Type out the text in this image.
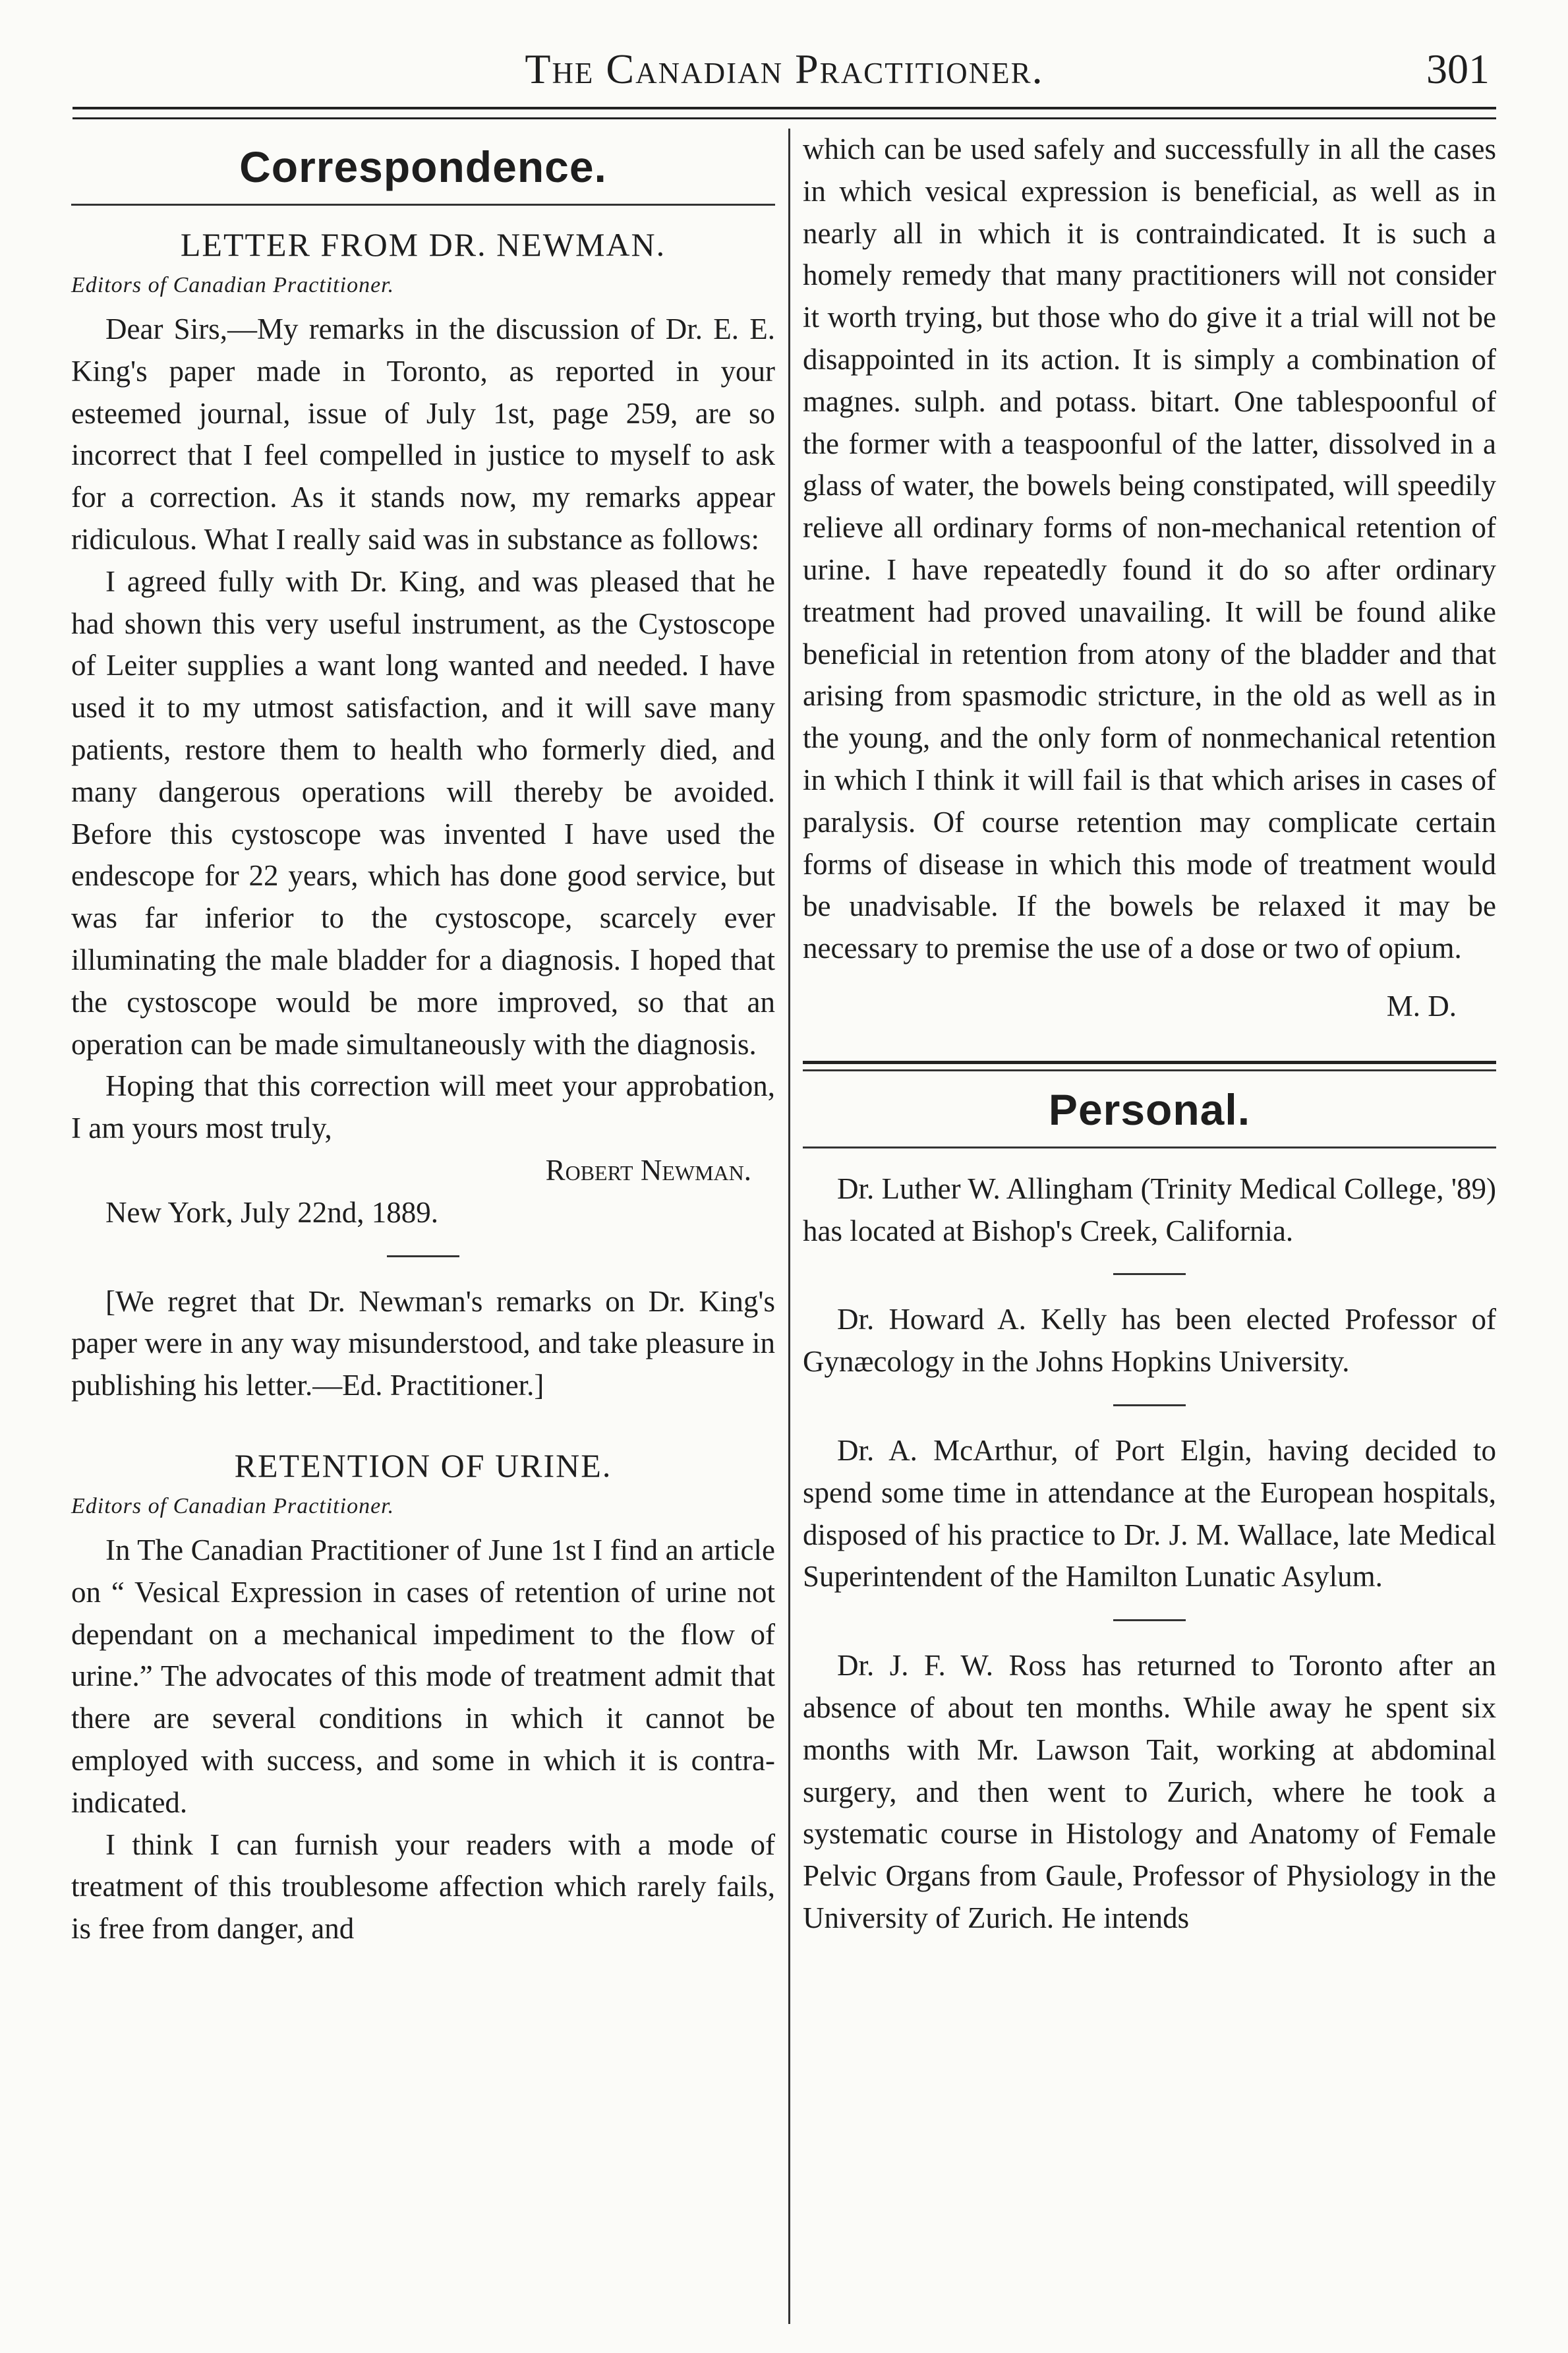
The Canadian Practitioner.	301
Correspondence.
LETTER FROM DR. NEWMAN.
Editors of Canadian Practitioner.

Dear Sirs,—My remarks in the discussion of Dr. E. E. King's paper made in Toronto, as reported in your esteemed journal, issue of July 1st, page 259, are so incorrect that I feel compelled in justice to myself to ask for a correction. As it stands now, my remarks appear ridiculous. What I really said was in substance as follows:

I agreed fully with Dr. King, and was pleased that he had shown this very useful instrument, as the Cystoscope of Leiter supplies a want long wanted and needed. I have used it to my utmost satisfaction, and it will save many patients, restore them to health who formerly died, and many dangerous operations will thereby be avoided. Before this cystoscope was invented I have used the endescope for 22 years, which has done good service, but was far inferior to the cystoscope, scarcely ever illuminating the male bladder for a diagnosis. I hoped that the cystoscope would be more improved, so that an operation can be made simultaneously with the diagnosis.

Hoping that this correction will meet your approbation, I am yours most truly,

Robert Newman.
New York, July 22nd, 1889.

[We regret that Dr. Newman's remarks on Dr. King's paper were in any way misunderstood, and take pleasure in publishing his letter.—Ed. Practitioner.]

RETENTION OF URINE.
Editors of Canadian Practitioner.

In The Canadian Practitioner of June 1st I find an article on “ Vesical Expression in cases of retention of urine not dependant on a mechanical impediment to the flow of urine.” The advocates of this mode of treatment admit that there are several conditions in which it cannot be employed with success, and some in which it is contra-indicated.

I think I can furnish your readers with a mode of treatment of this troublesome affection which rarely fails, is free from danger, and

which can be used safely and successfully in all the cases in which vesical expression is beneficial, as well as in nearly all in which it is contraindicated. It is such a homely remedy that many practitioners will not consider it worth trying, but those who do give it a trial will not be disappointed in its action. It is simply a combination of magnes. sulph. and potass. bitart. One tablespoonful of the former with a teaspoonful of the latter, dissolved in a glass of water, the bowels being constipated, will speedily relieve all ordinary forms of non-mechanical retention of urine. I have repeatedly found it do so after ordinary treatment had proved unavailing. It will be found alike beneficial in retention from atony of the bladder and that arising from spasmodic stricture, in the old as well as in the young, and the only form of nonmechanical retention in which I think it will fail is that which arises in cases of paralysis. Of course retention may complicate certain forms of disease in which this mode of treatment would be unadvisable. If the bowels be relaxed it may be necessary to premise the use of a dose or two of opium.

M. D.
Personal.

Dr. Luther W. Allingham (Trinity Medical College, '89) has located at Bishop's Creek, California.

Dr. Howard A. Kelly has been elected Professor of Gynæcology in the Johns Hopkins University.

Dr. A. McArthur, of Port Elgin, having decided to spend some time in attendance at the European hospitals, disposed of his practice to Dr. J. M. Wallace, late Medical Superintendent of the Hamilton Lunatic Asylum.

Dr. J. F. W. Ross has returned to Toronto after an absence of about ten months. While away he spent six months with Mr. Lawson Tait, working at abdominal surgery, and then went to Zurich, where he took a systematic course in Histology and Anatomy of Female Pelvic Organs from Gaule, Professor of Physiology in the University of Zurich. He intends
